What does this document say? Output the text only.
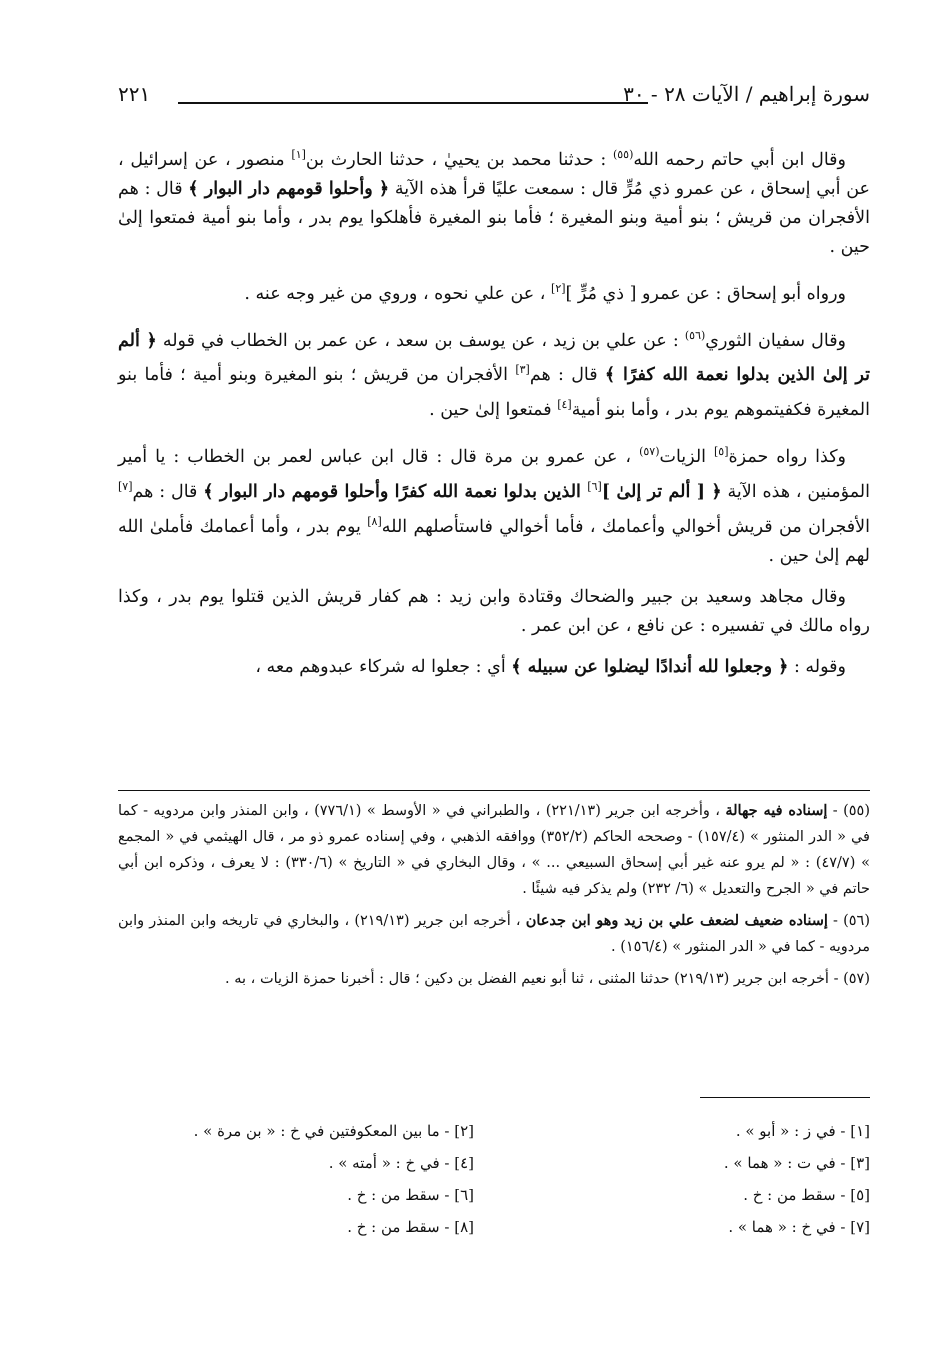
سورة إبراهيم / الآيات ٢٨ - ٣٠
٢٢١

وقال ابن أبي حاتم رحمه الله$^{(٥٥)}$ : حدثنا محمد بن يحييٰ ، حدثنا الحارث بن[١] منصور ، عن إسرائيل ، عن أبي إسحاق ، عن عمرو ذي مُرٍّ قال : سمعت عليًا قرأ هذه الآية ﴿ وأحلوا قومهم دار البوار ﴾ قال : هم الأفجران من قريش ؛ بنو أمية وبنو المغيرة ؛ فأما بنو المغيرة فأهلكوا يوم بدر ، وأما بنو أمية فمتعوا إلىٰ حين .

ورواه أبو إسحاق : عن عمرو [ ذي مُرٍّ ][٢] ، عن علي نحوه ، وروي من غير وجه عنه .

وقال سفيان الثوري$^{(٥٦)}$ : عن علي بن زيد ، عن يوسف بن سعد ، عن عمر بن الخطاب في قوله ﴿ ألم تر إلىٰ الذين بدلوا نعمة الله كفرًا ﴾ قال : هم[٣] الأفجران من قريش ؛ بنو المغيرة وبنو أمية ؛ فأما بنو المغيرة فكفيتموهم يوم بدر ، وأما بنو أمية[٤] فمتعوا إلىٰ حين .

وكذا رواه حمزة[٥] الزيات$^{(٥٧)}$ ، عن عمرو بن مرة قال : قال ابن عباس لعمر بن الخطاب : يا أمير المؤمنين ، هذه الآية ﴿ [ ألم تر إلىٰ ][٦] الذين بدلوا نعمة الله كفرًا وأحلوا قومهم دار البوار ﴾ قال : هم[٧] الأفجران من قريش أخوالي وأعمامك ، فأما أخوالي فاستأصلهم الله[٨] يوم بدر ، وأما أعمامك فأملىٰ الله لهم إلىٰ حين .

وقال مجاهد وسعيد بن جبير والضحاك وقتادة وابن زيد : هم كفار قريش الذين قتلوا يوم بدر ، وكذا رواه مالك في تفسيره : عن نافع ، عن ابن عمر .

وقوله : ﴿ وجعلوا لله أندادًا ليضلوا عن سبيله ﴾ أي : جعلوا له شركاء عبدوهم معه ،

(٥٥) - إسناده فيه جهالة ، وأخرجه ابن جرير (٢٢١/١٣) ، والطبراني في « الأوسط » (٧٧٦/١) ، وابن المنذر وابن مردويه - كما في « الدر المنثور » (١٥٧/٤) - وصححه الحاكم (٣٥٢/٢) ووافقه الذهبي ، وفي إسناده عمرو ذو مر ، قال الهيثمي في « المجمع » (٤٧/٧) : « لم يرو عنه غير أبي إسحاق السبيعي ... » ، وقال البخاري في « التاريخ » (٣٣٠/٦) : لا يعرف ، وذكره ابن أبي حاتم في « الجرح والتعديل » (٦/ ٢٣٢) ولم يذكر فيه شيئًا .

(٥٦) - إسناده ضعيف لضعف علي بن زيد وهو ابن جدعان ، أخرجه ابن جرير (٢١٩/١٣) ، والبخاري في تاريخه وابن المنذر وابن مردويه - كما في « الدر المنثور » (١٥٦/٤) .

(٥٧) - أخرجه ابن جرير (٢١٩/١٣) حدثنا المثنى ، ثنا أبو نعيم الفضل بن دكين ؛ قال : أخبرنا حمزة الزيات ، به .

[١] - في ز : « أبو » .
[٢] - ما بين المعكوفتين في خ : « بن مرة » .
[٣] - في ت : « هما » .
[٤] - في خ : « أمته » .
[٥] - سقط من : خ .
[٦] - سقط من : خ .
[٧] - في خ : « هما » .
[٨] - سقط من : خ .
